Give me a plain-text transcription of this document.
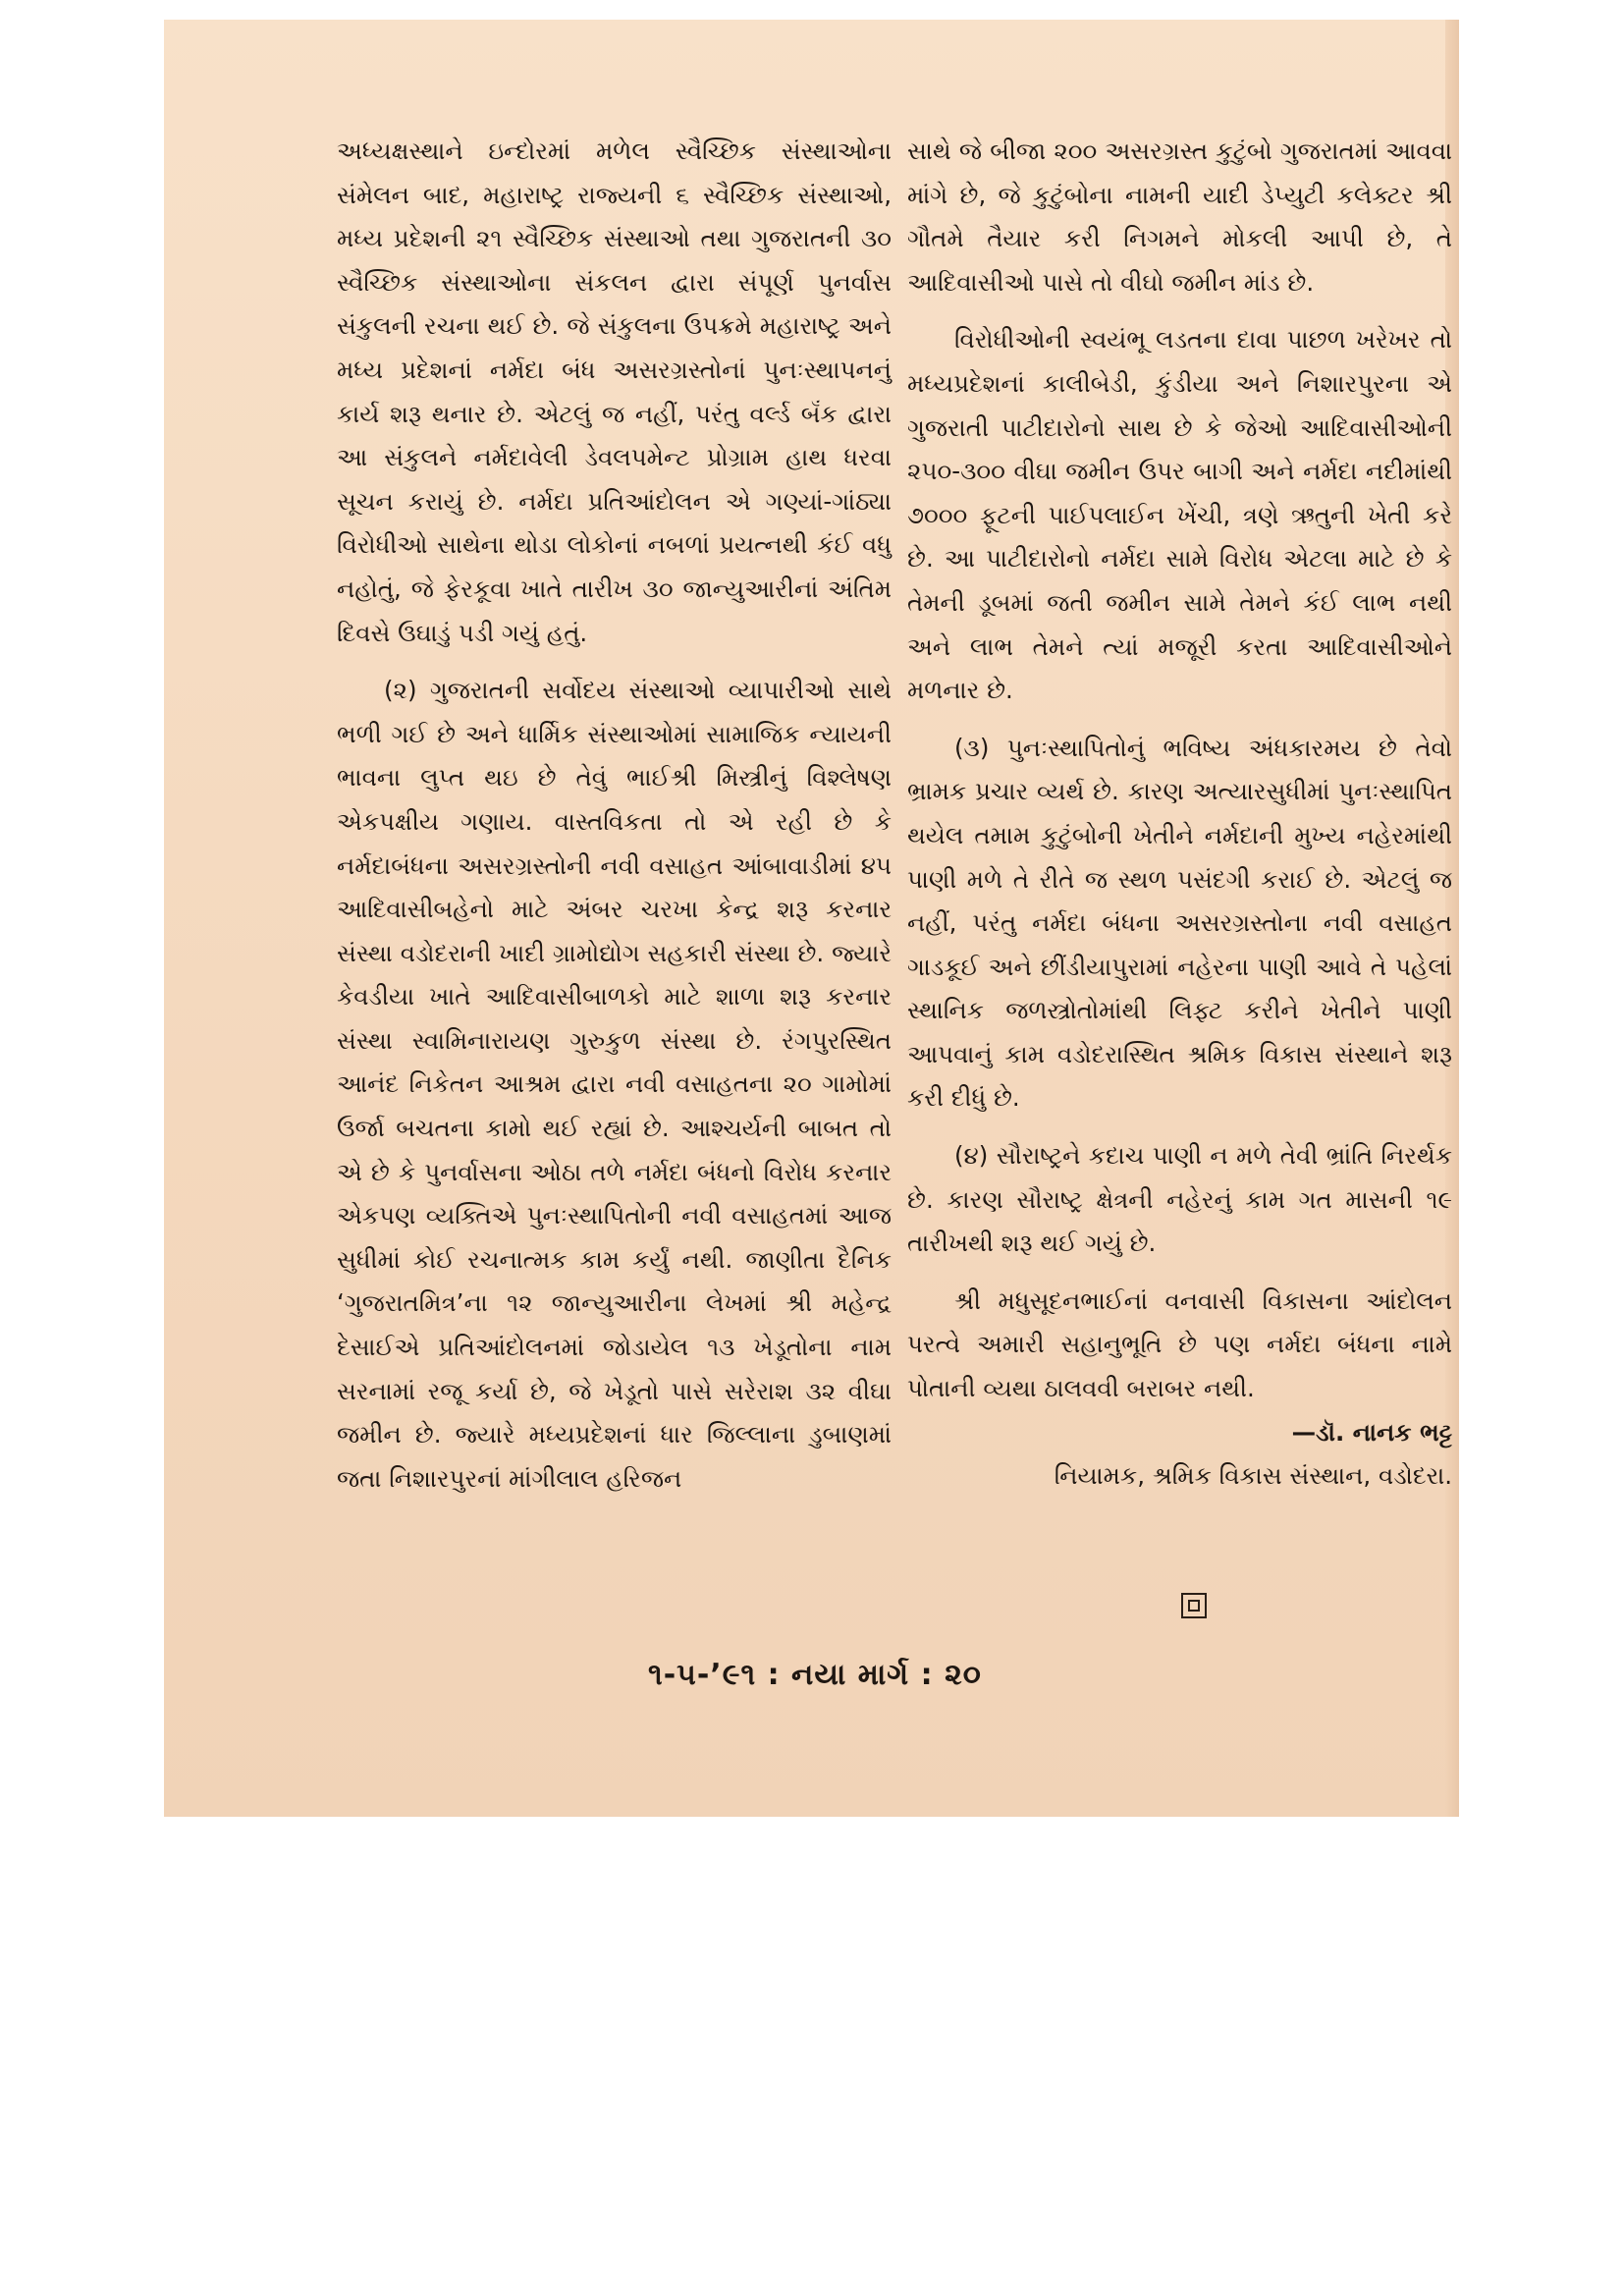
અધ્યક્ષસ્થાને ઇન્દોરમાં મળેલ સ્વૈચ્છિક સંસ્થાઓના સંમેલન બાદ, મહારાષ્ટ્ર રાજ્યની ૬ સ્વૈચ્છિક સંસ્થાઓ, મધ્ય પ્રદેશની ૨૧ સ્વૈચ્છિક સંસ્થાઓ તથા ગુજરાતની ૩૦ સ્વૈચ્છિક સંસ્થાઓના સંકલન દ્વારા સંપૂર્ણ પુનર્વાસ સંકુલની રચના થઈ છે. જે સંકુલના ઉપક્રમે મહારાષ્ટ્ર અને મધ્ય પ્રદેશનાં નર્મદા બંધ અસરગ્રસ્તોનાં પુનઃસ્થાપનનું કાર્ય શરૂ થનાર છે. એટલું જ નહીં, પરંતુ વર્લ્ડ બૅંક દ્વારા આ સંકુલને નર્મદાવેલી ડેવલપમેન્ટ પ્રોગ્રામ હાથ ધરવા સૂચન કરાયું છે. નર્મદા પ્રતિઆંદોલન એ ગણ્યાં-ગાંઠ્યા વિરોધીઓ સાથેના થોડા લોકોનાં નબળાં પ્રયત્નથી કંઈ વધુ નહોતું, જે ફેરકૂવા ખાતે તારીખ ૩૦ જાન્યુઆરીનાં અંતિમ દિવસે ઉઘાડું પડી ગયું હતું.

(૨) ગુજરાતની સર્વોદય સંસ્થાઓ વ્યાપારીઓ સાથે ભળી ગઈ છે અને ધાર્મિક સંસ્થાઓમાં સામાજિક ન્યાયની ભાવના લુપ્ત થઇ છે તેવું ભાઈશ્રી મિસ્ત્રીનું વિશ્લેષણ એકપક્ષીય ગણાય. વાસ્તવિકતા તો એ રહી છે કે નર્મદાબંધના અસરગ્રસ્તોની નવી વસાહત આંબાવાડીમાં ૪૫ આદિવાસીબહેનો માટે અંબર ચરખા કેન્દ્ર શરૂ કરનાર સંસ્થા વડોદરાની ખાદી ગ્રામોદ્યોગ સહકારી સંસ્થા છે. જ્યારે કેવડીયા ખાતે આદિવાસીબાળકો માટે શાળા શરૂ કરનાર સંસ્થા સ્વામિનારાયણ ગુરુકુળ સંસ્થા છે. રંગપુરસ્થિત આનંદ નિકેતન આશ્રમ દ્વારા નવી વસાહતના ૨૦ ગામોમાં ઉર્જા બચતના કામો થઈ રહ્યાં છે. આશ્ચર્યની બાબત તો એ છે કે પુનર્વાસના ઓઠા તળે નર્મદા બંધનો વિરોધ કરનાર એકપણ વ્યક્તિએ પુનઃસ્થાપિતોની નવી વસાહતમાં આજ સુધીમાં કોઈ રચનાત્મક કામ કર્યું નથી. જાણીતા દૈનિક ‘ગુજરાતમિત્ર’ના ૧૨ જાન્યુઆરીના લેખમાં શ્રી મહેન્દ્ર દેસાઈએ પ્રતિઆંદોલનમાં જોડાયેલ ૧૩ ખેડૂતોના નામ સરનામાં રજૂ કર્યા છે, જે ખેડૂતો પાસે સરેરાશ ૩૨ વીઘા જમીન છે. જ્યારે મધ્યપ્રદેશનાં ધાર જિલ્લાના ડુબાણમાં જતા નિશારપુરનાં માંગીલાલ હરિજન

સાથે જે બીજા ૨૦૦ અસરગ્રસ્ત કુટુંબો ગુજરાતમાં આવવા માંગે છે, જે કુટુંબોના નામની યાદી ડેપ્યુટી કલેક્ટર શ્રી ગૌતમે તૈયાર કરી નિગમને મોકલી આપી છે, તે આદિવાસીઓ પાસે તો વીઘો જમીન માંડ છે.

વિરોધીઓની સ્વયંભૂ લડતના દાવા પાછળ ખરેખર તો મધ્યપ્રદેશનાં કાલીબેડી, કુંડીયા અને નિશારપુરના એ ગુજરાતી પાટીદારોનો સાથ છે કે જેઓ આદિવાસીઓની ૨૫૦-૩૦૦ વીઘા જમીન ઉપર બાગી અને નર્મદા નદીમાંથી ૭૦૦૦ ફૂટની પાઈપલાઈન ખેંચી, ત્રણે ઋતુની ખેતી કરે છે. આ પાટીદારોનો નર્મદા સામે વિરોધ એટલા માટે છે કે તેમની ડૂબમાં જતી જમીન સામે તેમને કંઈ લાભ નથી અને લાભ તેમને ત્યાં મજૂરી કરતા આદિવાસીઓને મળનાર છે.

(૩) પુનઃસ્થાપિતોનું ભવિષ્ય અંધકારમય છે તેવો ભ્રામક પ્રચાર વ્યર્થ છે. કારણ અત્યારસુધીમાં પુનઃસ્થાપિત થયેલ તમામ કુટુંબોની ખેતીને નર્મદાની મુખ્ય નહેરમાંથી પાણી મળે તે રીતે જ સ્થળ પસંદગી કરાઈ છે. એટલું જ નહીં, પરંતુ નર્મદા બંધના અસરગ્રસ્તોના નવી વસાહત ગાડકૂઈ અને છીંડીયાપુરામાં નહેરના પાણી આવે તે પહેલાં સ્થાનિક જળસ્ત્રોતોમાંથી લિફ્ટ કરીને ખેતીને પાણી આપવાનું કામ વડોદરાસ્થિત શ્રમિક વિકાસ સંસ્થાને શરૂ કરી દીધું છે.

(૪) સૌરાષ્ટ્રને કદાચ પાણી ન મળે તેવી ભ્રાંતિ નિરર્થક છે. કારણ સૌરાષ્ટ્ર ક્ષેત્રની નહેરનું કામ ગત માસની ૧૯ તારીખથી શરૂ થઈ ગયું છે.

શ્રી મધુસૂદનભાઈનાં વનવાસી વિકાસના આંદોલન પરત્વે અમારી સહાનુભૂતિ છે પણ નર્મદા બંધના નામે પોતાની વ્યથા ઠાલવવી બરાબર નથી.

—ડૉ. નાનક ભટ્ટ

નિયામક, શ્રમિક વિકાસ સંસ્થાન, વડોદરા.

૧-૫-’૯૧ : નયા માર્ગ : ૨૦
